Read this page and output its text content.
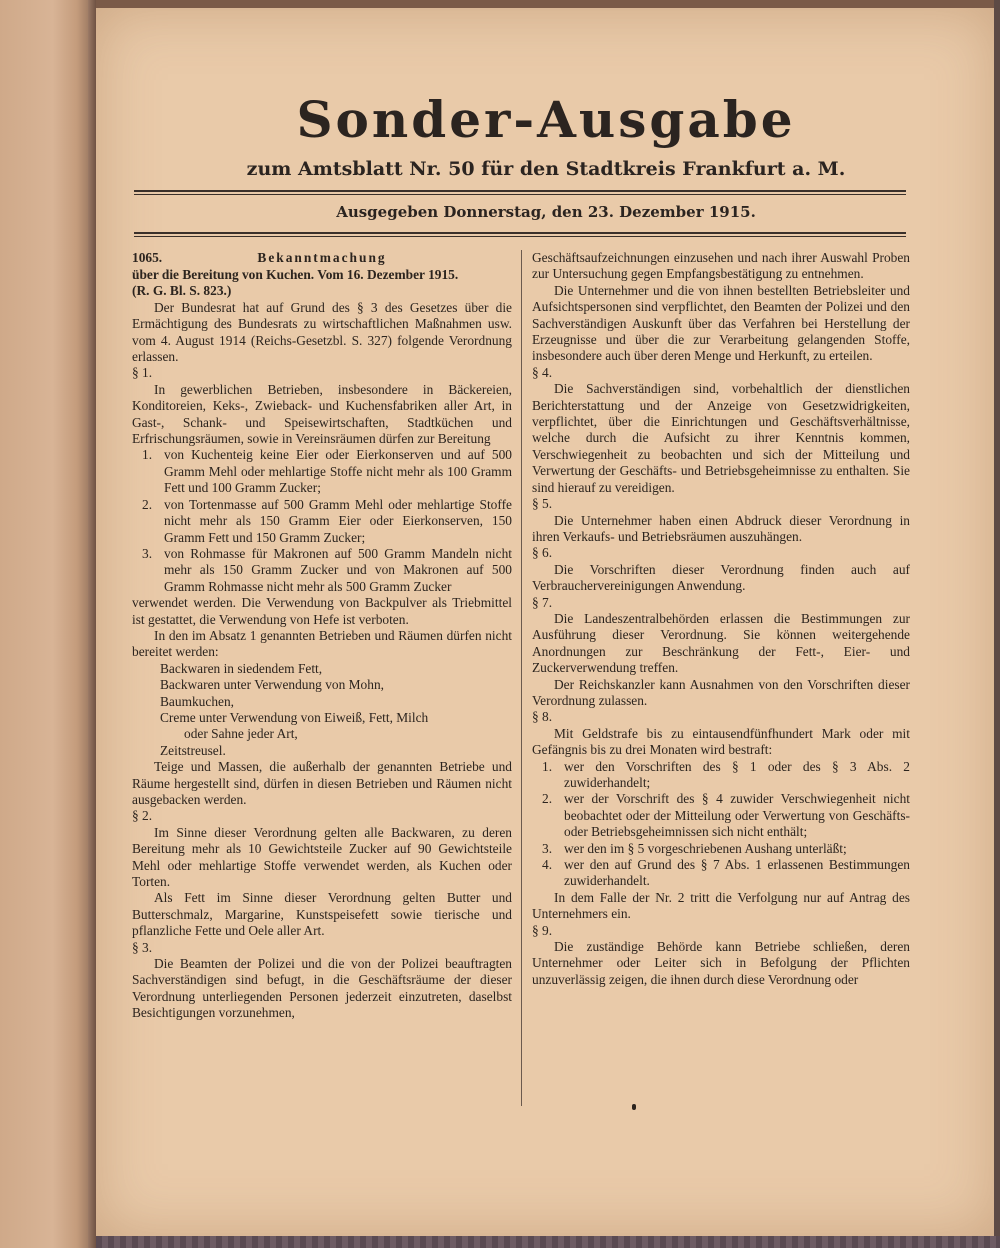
Sonder-Ausgabe
zum Amtsblatt Nr. 50 für den Stadtkreis Frankfurt a. M.
Ausgegeben Donnerstag, den 23. Dezember 1915.
1065.	Bekanntmachung

über die Bereitung von Kuchen. Vom 16. Dezember 1915.

(R. G. Bl. S. 823.)

Der Bundesrat hat auf Grund des § 3 des Gesetzes über die Ermächtigung des Bundesrats zu wirtschaftlichen Maßnahmen usw. vom 4. August 1914 (Reichs-Gesetzbl. S. 327) folgende Verordnung erlassen.

§ 1.

In gewerblichen Betrieben, insbesondere in Bäckereien, Konditoreien, Keks-, Zwieback- und Kuchensfabriken aller Art, in Gast-, Schank- und Speisewirtschaften, Stadtküchen und Erfrischungsräumen, sowie in Vereinsräumen dürfen zur Bereitung

1. von Kuchenteig keine Eier oder Eierkonserven und auf 500 Gramm Mehl oder mehlartige Stoffe nicht mehr als 100 Gramm Fett und 100 Gramm Zucker;
2. von Tortenmasse auf 500 Gramm Mehl oder mehlartige Stoffe nicht mehr als 150 Gramm Eier oder Eierkonserven, 150 Gramm Fett und 150 Gramm Zucker;
3. von Rohmasse für Makronen auf 500 Gramm Mandeln nicht mehr als 150 Gramm Zucker und von Makronen auf 500 Gramm Rohmasse nicht mehr als 500 Gramm Zucker

verwendet werden. Die Verwendung von Backpulver als Triebmittel ist gestattet, die Verwendung von Hefe ist verboten.

In den im Absatz 1 genannten Betrieben und Räumen dürfen nicht bereitet werden:

Backwaren in siedendem Fett,

Backwaren unter Verwendung von Mohn,

Baumkuchen,

Creme unter Verwendung von Eiweiß, Fett, Milch

oder Sahne jeder Art,

Zeitstreusel.

Teige und Massen, die außerhalb der genannten Betriebe und Räume hergestellt sind, dürfen in diesen Betrieben und Räumen nicht ausgebacken werden.

§ 2.

Im Sinne dieser Verordnung gelten alle Backwaren, zu deren Bereitung mehr als 10 Gewichtsteile Zucker auf 90 Gewichtsteile Mehl oder mehlartige Stoffe verwendet werden, als Kuchen oder Torten.

Als Fett im Sinne dieser Verordnung gelten Butter und Butterschmalz, Margarine, Kunstspeisefett sowie tierische und pflanzliche Fette und Oele aller Art.

§ 3.

Die Beamten der Polizei und die von der Polizei beauftragten Sachverständigen sind befugt, in die Geschäftsräume der dieser Verordnung unterliegenden Personen jederzeit einzutreten, daselbst Besichtigungen vorzunehmen,

Geschäftsaufzeichnungen einzusehen und nach ihrer Auswahl Proben zur Untersuchung gegen Empfangsbestätigung zu entnehmen.

Die Unternehmer und die von ihnen bestellten Betriebsleiter und Aufsichtspersonen sind verpflichtet, den Beamten der Polizei und den Sachverständigen Auskunft über das Verfahren bei Herstellung der Erzeugnisse und über die zur Verarbeitung gelangenden Stoffe, insbesondere auch über deren Menge und Herkunft, zu erteilen.

§ 4.

Die Sachverständigen sind, vorbehaltlich der dienstlichen Berichterstattung und der Anzeige von Gesetzwidrigkeiten, verpflichtet, über die Einrichtungen und Geschäftsverhältnisse, welche durch die Aufsicht zu ihrer Kenntnis kommen, Verschwiegenheit zu beobachten und sich der Mitteilung und Verwertung der Geschäfts- und Betriebsgeheimnisse zu enthalten. Sie sind hierauf zu vereidigen.

§ 5.

Die Unternehmer haben einen Abdruck dieser Verordnung in ihren Verkaufs- und Betriebsräumen auszuhängen.

§ 6.

Die Vorschriften dieser Verordnung finden auch auf Verbrauchervereinigungen Anwendung.

§ 7.

Die Landeszentralbehörden erlassen die Bestimmungen zur Ausführung dieser Verordnung. Sie können weitergehende Anordnungen zur Beschränkung der Fett-, Eier- und Zuckerverwendung treffen.

Der Reichskanzler kann Ausnahmen von den Vorschriften dieser Verordnung zulassen.

§ 8.

Mit Geldstrafe bis zu eintausendfünfhundert Mark oder mit Gefängnis bis zu drei Monaten wird bestraft:

1. wer den Vorschriften des § 1 oder des § 3 Abs. 2 zuwiderhandelt;
2. wer der Vorschrift des § 4 zuwider Verschwiegenheit nicht beobachtet oder der Mitteilung oder Verwertung von Geschäfts- oder Betriebsgeheimnissen sich nicht enthält;
3. wer den im § 5 vorgeschriebenen Aushang unterläßt;
4. wer den auf Grund des § 7 Abs. 1 erlassenen Bestimmungen zuwiderhandelt.

In dem Falle der Nr. 2 tritt die Verfolgung nur auf Antrag des Unternehmers ein.

§ 9.

Die zuständige Behörde kann Betriebe schließen, deren Unternehmer oder Leiter sich in Befolgung der Pflichten unzuverlässig zeigen, die ihnen durch diese Verordnung oder
